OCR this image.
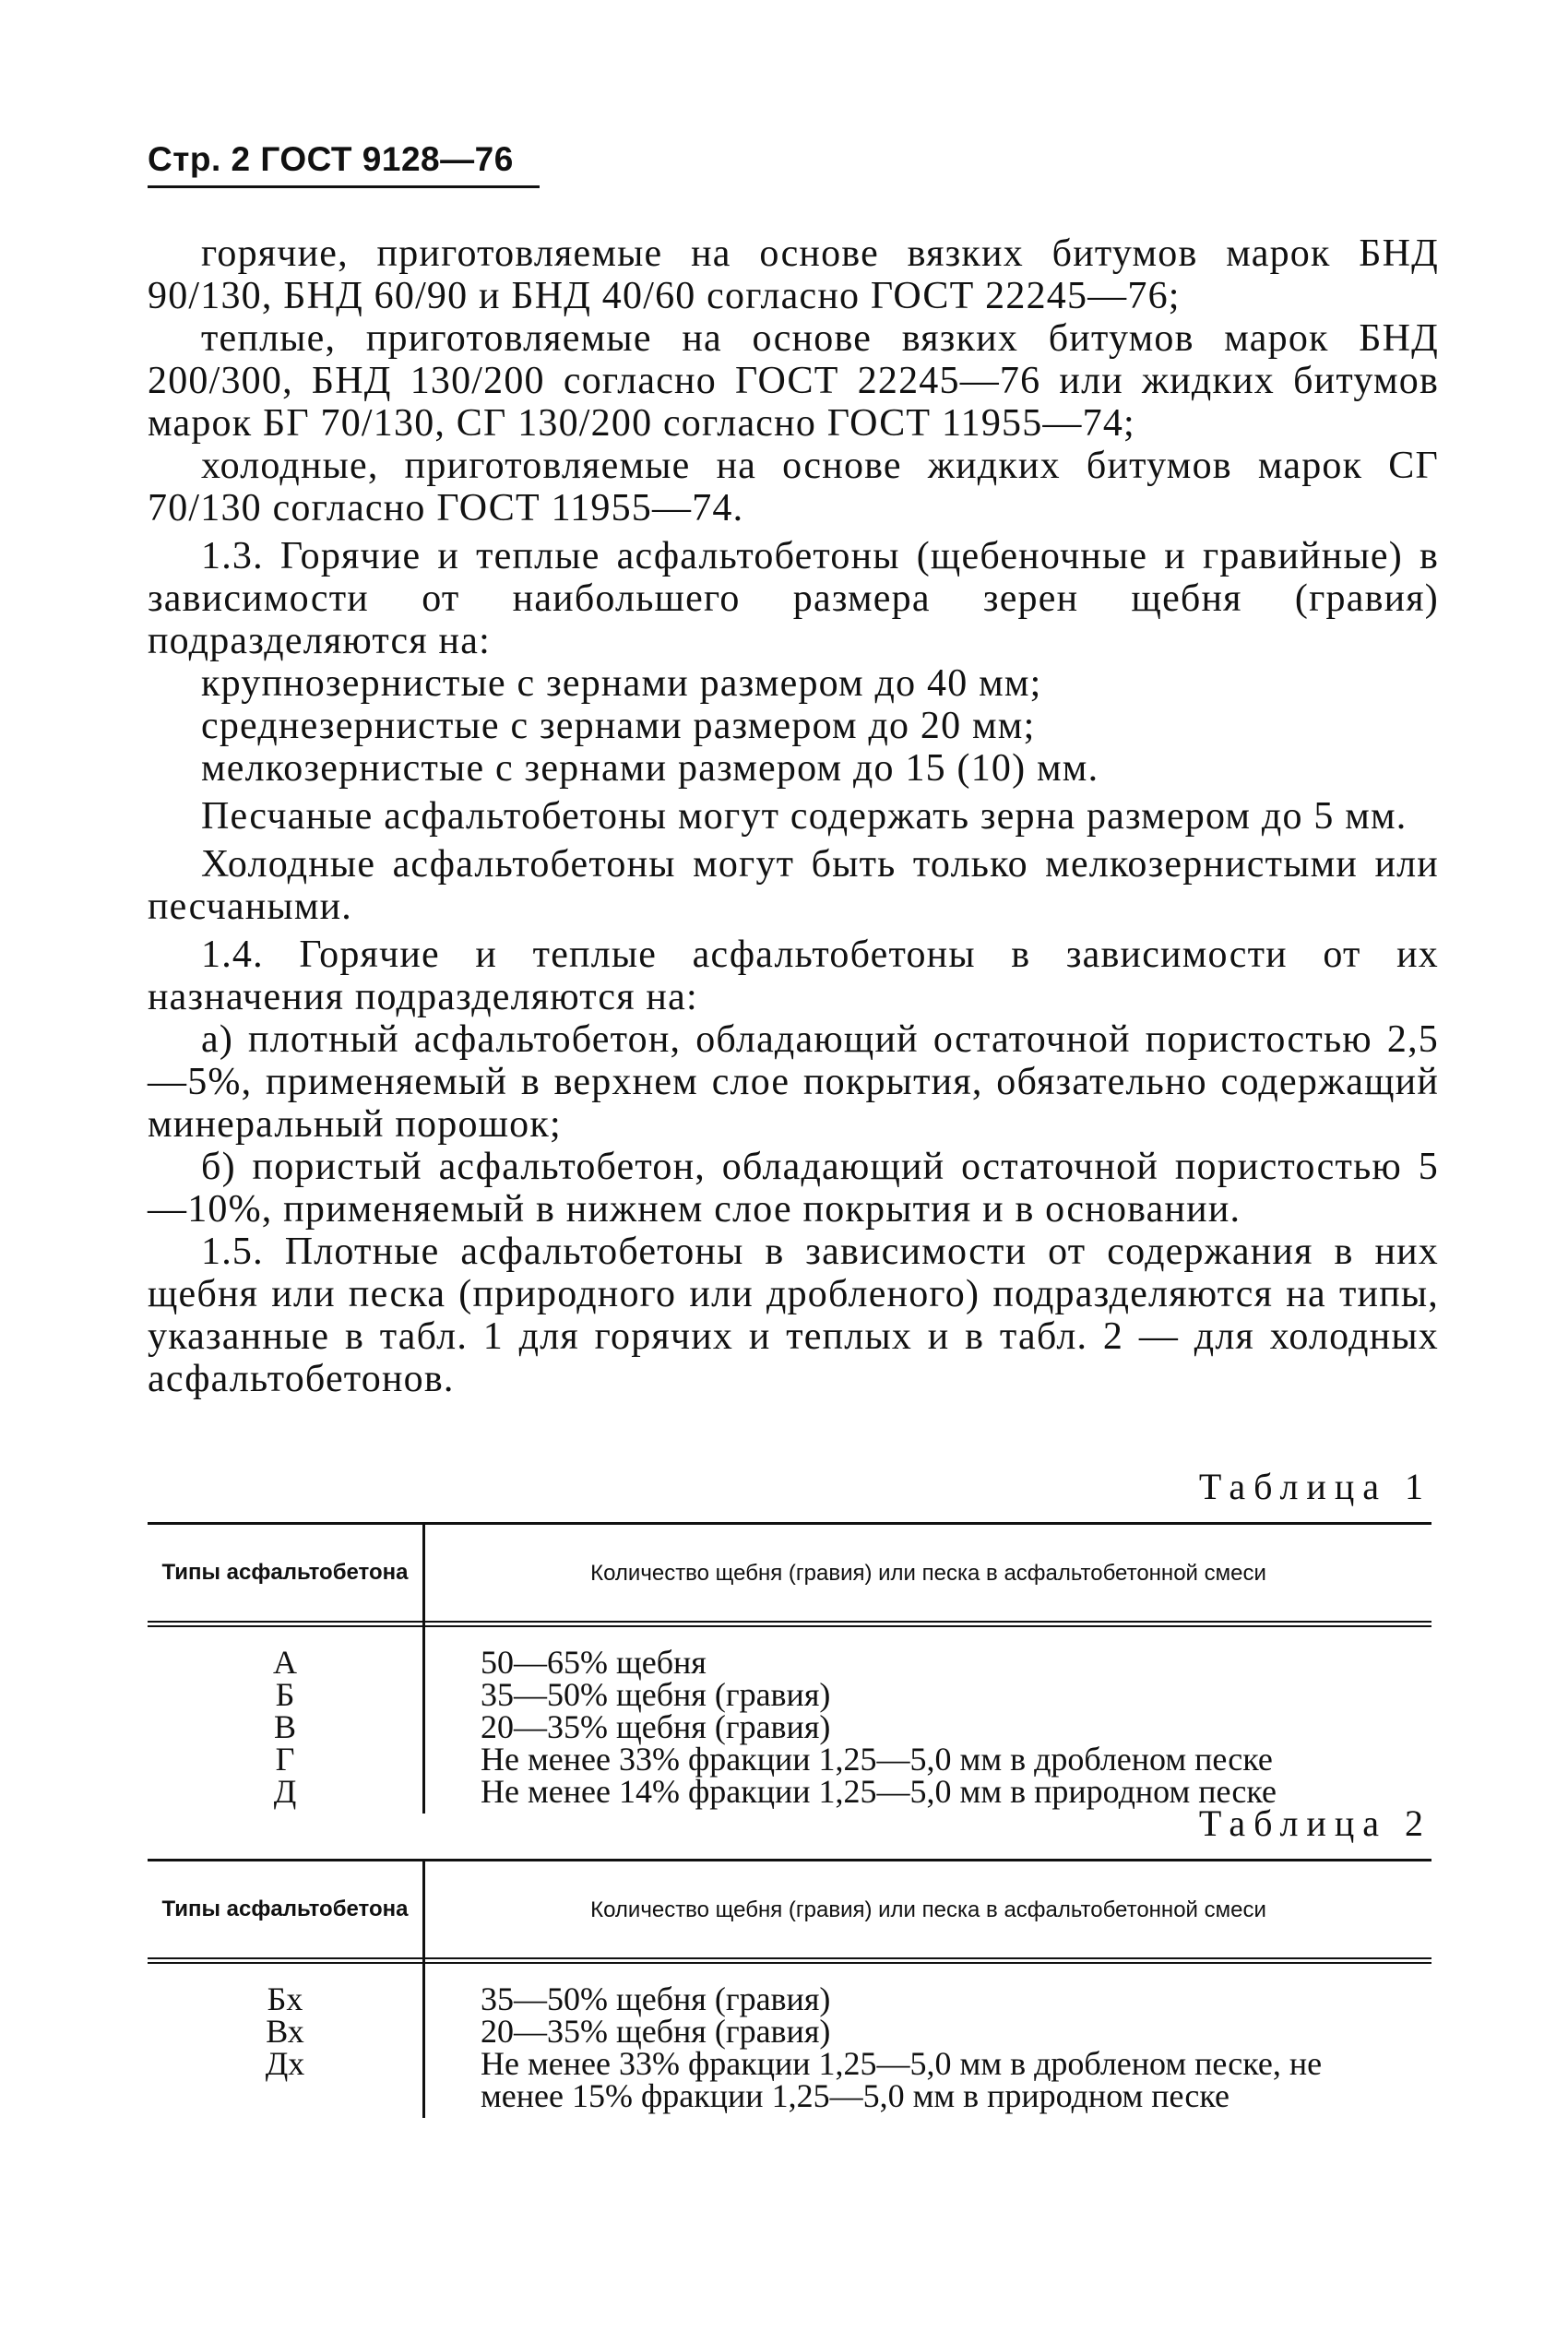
Стр. 2 ГОСТ 9128—76

горячие, приготовляемые на основе вязких битумов марок БНД 90/130, БНД 60/90 и БНД 40/60 согласно ГОСТ 22245—76;

теплые, приготовляемые на основе вязких битумов марок БНД 200/300, БНД 130/200 согласно ГОСТ 22245—76 или жидких битумов марок БГ 70/130, СГ 130/200 согласно ГОСТ 11955—74;

холодные, приготовляемые на основе жидких битумов марок СГ 70/130 согласно ГОСТ 11955—74.

1.3. Горячие и теплые асфальтобетоны (щебеночные и гравийные) в зависимости от наибольшего размера зерен щебня (гравия) подразделяются на:

крупнозернистые с зернами размером до 40 мм;

среднезернистые с зернами размером до 20 мм;

мелкозернистые с зернами размером до 15 (10) мм.

Песчаные асфальтобетоны могут содержать зерна размером до 5 мм.

Холодные асфальтобетоны могут быть только мелкозернистыми или песчаными.

1.4. Горячие и теплые асфальтобетоны в зависимости от их назначения подразделяются на:

а) плотный асфальтобетон, обладающий остаточной пористостью 2,5—5%, применяемый в верхнем слое покрытия, обязательно содержащий минеральный порошок;

б) пористый асфальтобетон, обладающий остаточной пористостью 5—10%, применяемый в нижнем слое покрытия и в основании.

1.5. Плотные асфальтобетоны в зависимости от содержания в них щебня или песка (природного или дробленого) подразделяются на типы, указанные в табл. 1 для горячих и теплых и в табл. 2 — для холодных асфальтобетонов.

Таблица 1
Типы асфальтобетона	Количество щебня (гравия) или песка в асфальтобетонной смеси
А
Б
В
Г
Д
50—65% щебня
35—50% щебня (гравия)
20—35% щебня (гравия)
Не менее 33% фракции 1,25—5,0 мм в дробленом песке
Не менее 14% фракции 1,25—5,0 мм в природном песке
Таблица 2
Типы асфальтобетона	Количество щебня (гравия) или песка в асфальтобетонной смеси
Бх
Вх
Дх

35—50% щебня (гравия)
20—35% щебня (гравия)
Не менее 33% фракции 1,25—5,0 мм в дробленом песке, не
менее 15% фракции 1,25—5,0 мм в природном песке
